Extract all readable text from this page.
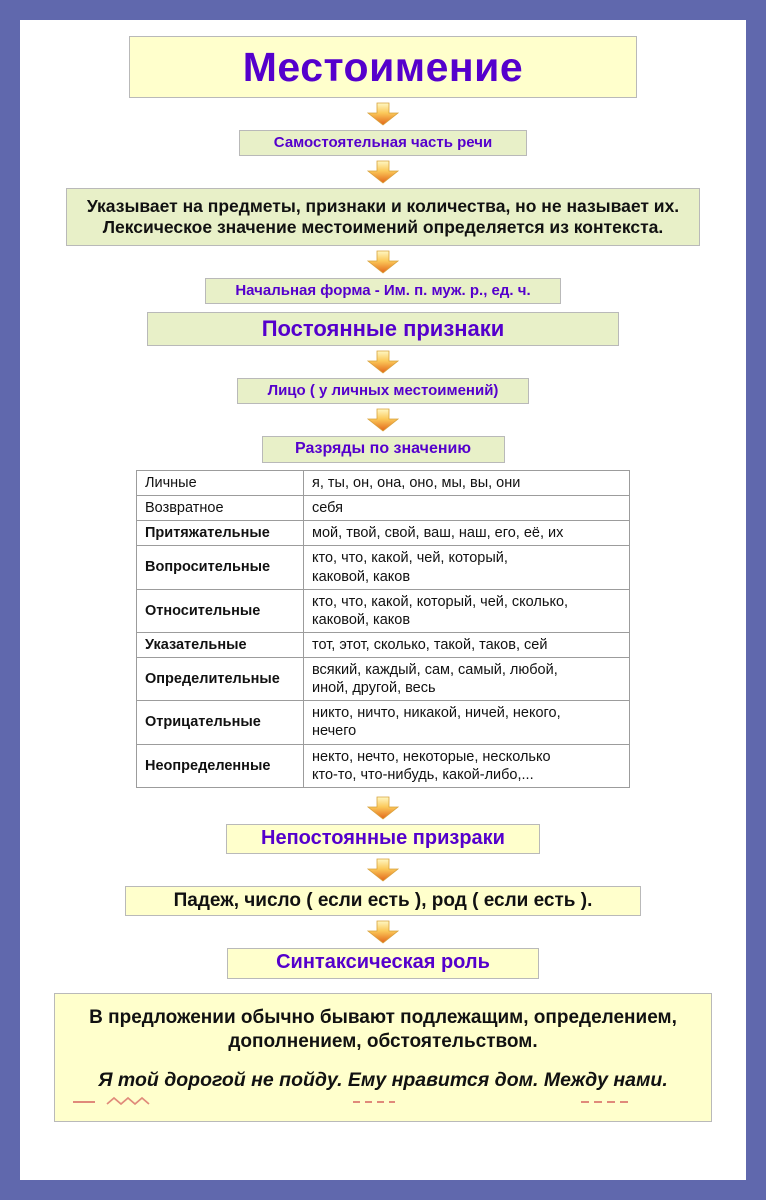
Местоимение
Самостоятельная часть речи
Указывает на предметы, признаки и количества, но не называет их.
Лексическое значение местоимений определяется из контекста.
Начальная форма - Им. п. муж. р., ед. ч.
Постоянные признаки
Лицо ( у личных местоимений)
Разряды по значению
Личные	я, ты, он, она, оно, мы, вы, они

Возвратное	себя

Притяжательные	мой, твой, свой, ваш, наш, его, её, их

Вопросительные	кто, что, какой, чей, который,
каковой, каков

Относительные	кто, что, какой, который, чей, сколько,
каковой, каков

Указательные	тот, этот, сколько, такой, таков, сей

Определительные	всякий, каждый, сам, самый, любой,
иной, другой, весь

Отрицательные	никто, ничто, никакой, ничей, некого,
нечего

Неопределенные	некто, нечто, некоторые, несколько
кто-то, что-нибудь, какой-либо,...
Непостоянные призраки
Падеж, число ( если есть ), род ( если есть ).
Синтаксическая роль
В предложении обычно бывают подлежащим, определением,
дополнением, обстоятельством.
Я той дорогой не пойду. Ему нравится дом. Между нами.
